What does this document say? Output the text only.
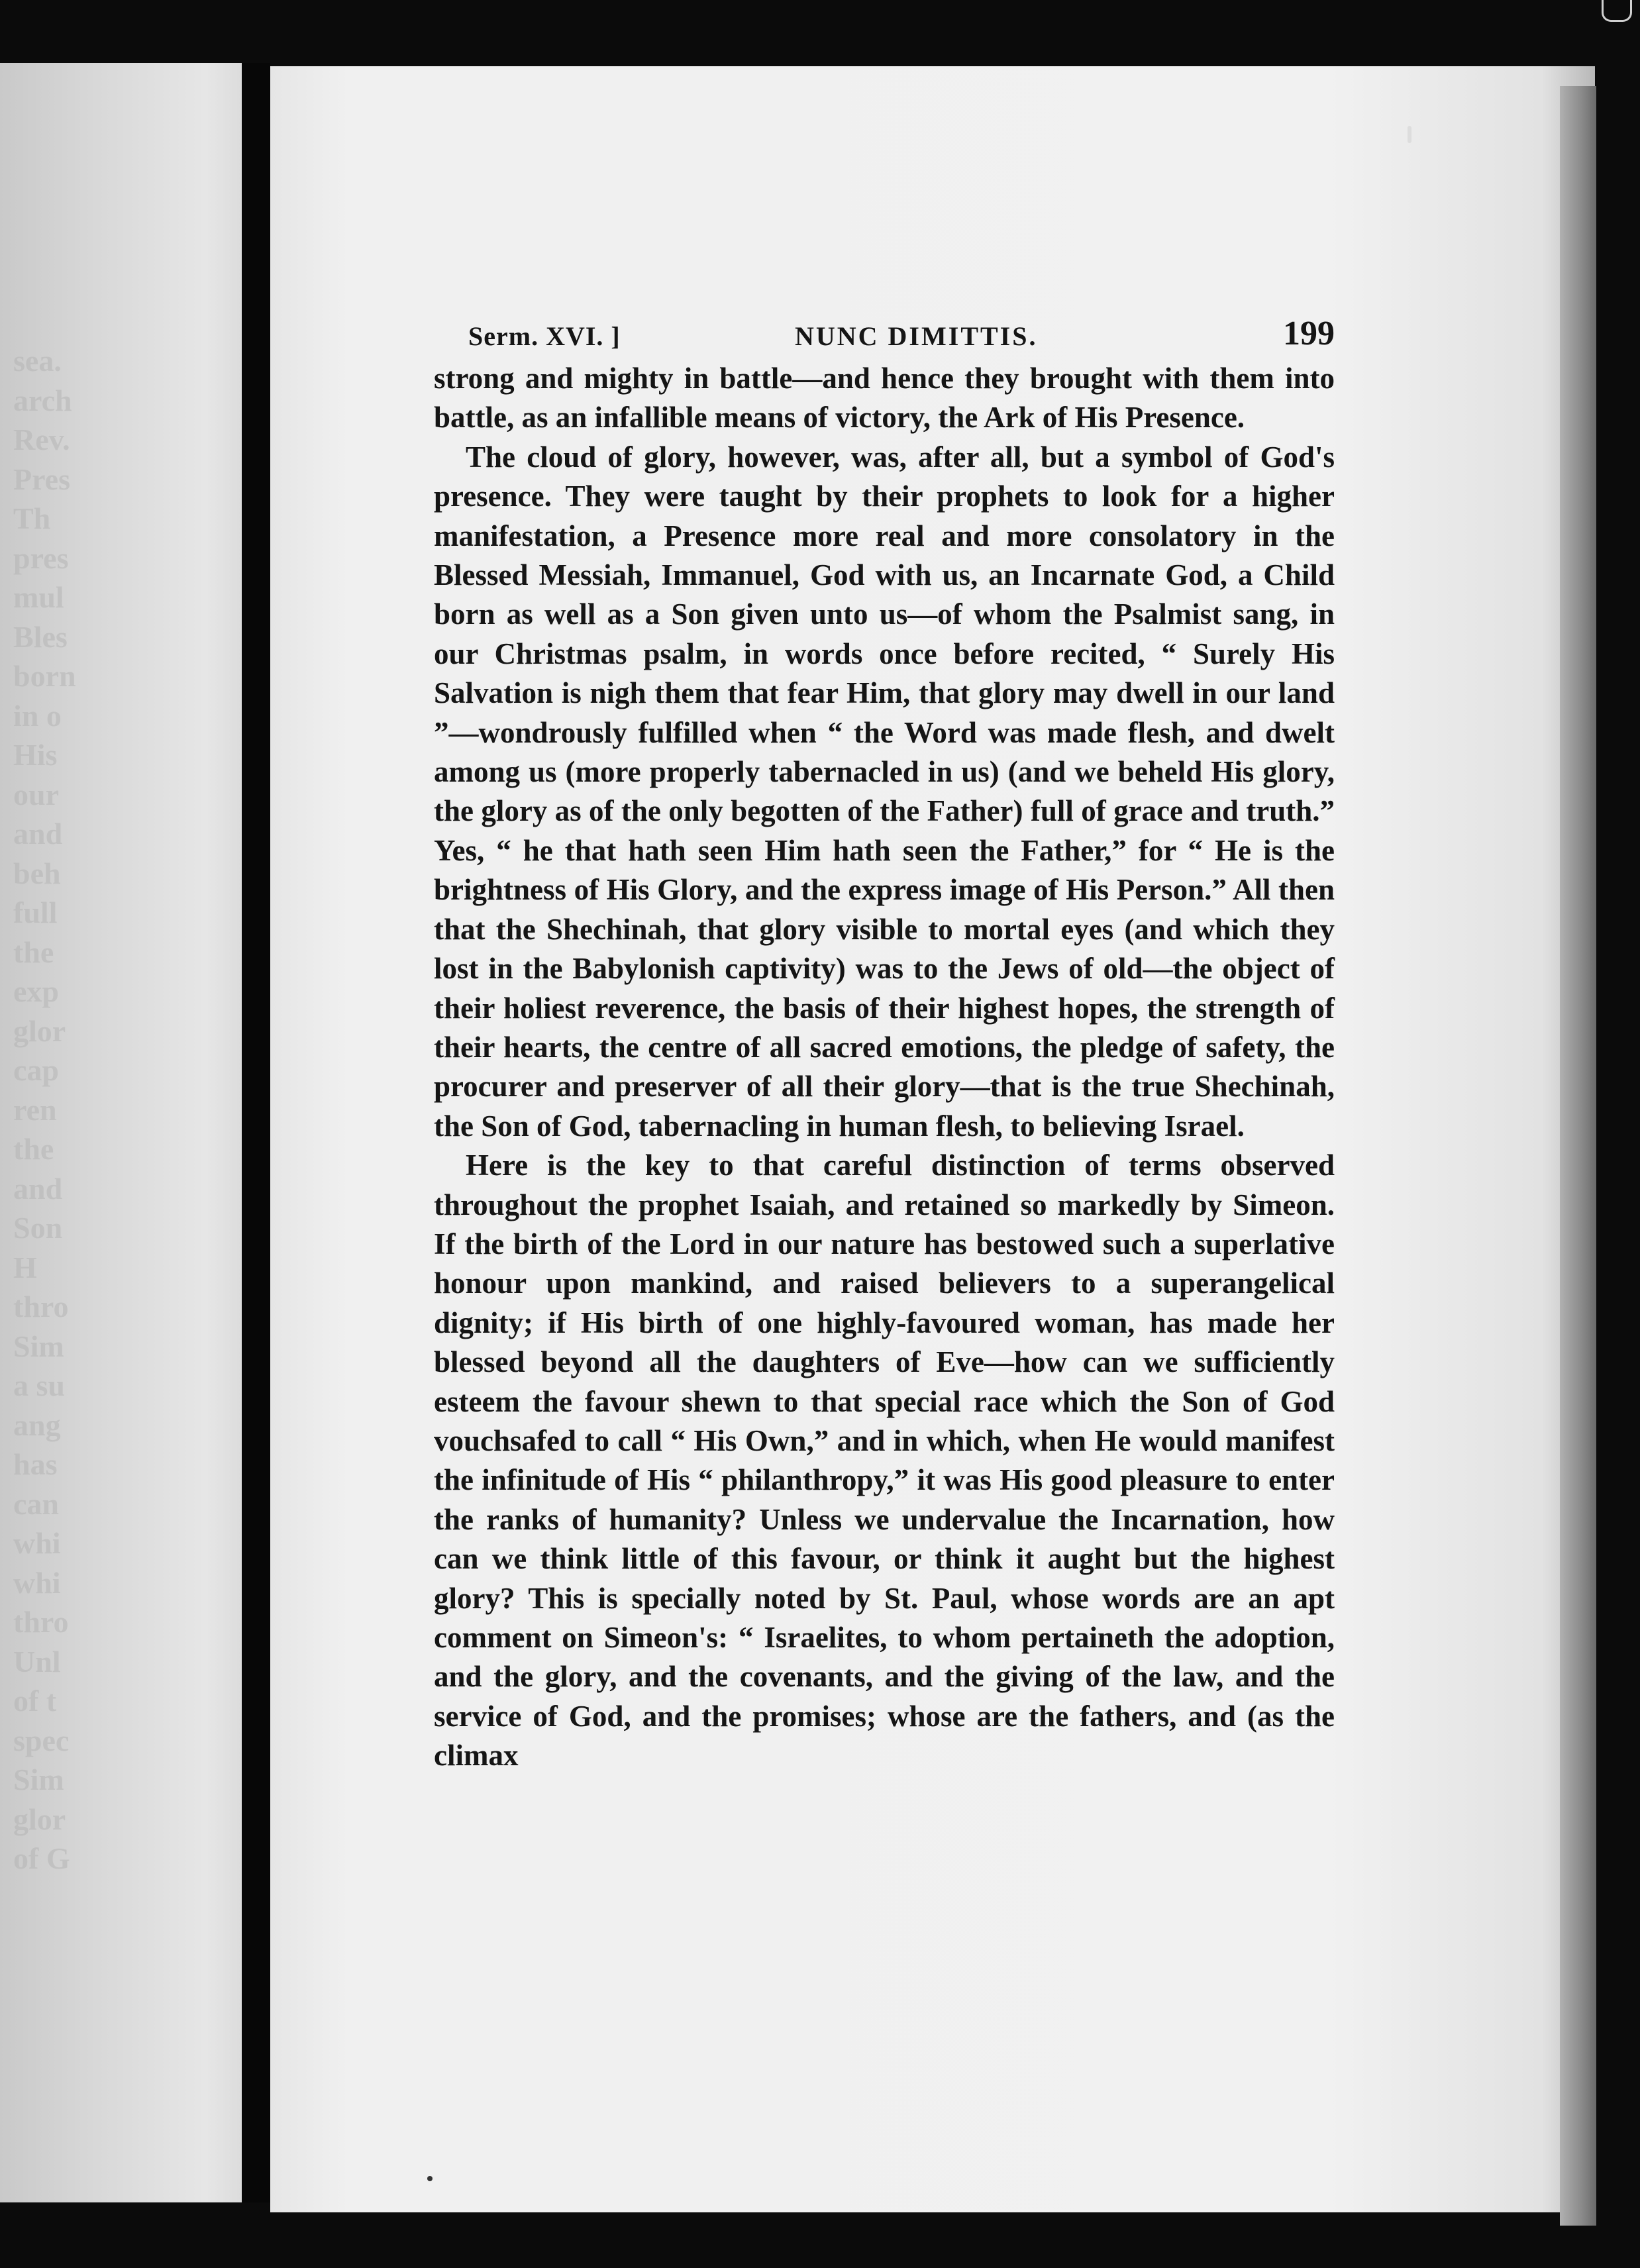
sea.
arch
Rev.
Pres
Th
pres
mul
Bles
born
in o
His
our
and
beh
full
the
exp
glor
cap
ren
the
and
Son
H
thro
Sim
a su
ang
has
can
whi
whi
thro
Unl
of t
spec
Sim
glor
of G
Serm. XVI. ]	NUNC DIMITTIS.	199

strong and mighty in battle—and hence they brought with them into battle, as an infallible means of victory, the Ark of His Presence.

The cloud of glory, however, was, after all, but a symbol of God's presence. They were taught by their prophets to look for a higher manifestation, a Presence more real and more consolatory in the Blessed Messiah, Immanuel, God with us, an Incarnate God, a Child born as well as a Son given unto us—of whom the Psalmist sang, in our Christmas psalm, in words once before recited, “ Surely His Salvation is nigh them that fear Him, that glory may dwell in our land ”—wondrously fulfilled when “ the Word was made flesh, and dwelt among us (more properly tabernacled in us) (and we beheld His glory, the glory as of the only begotten of the Father) full of grace and truth.” Yes, “ he that hath seen Him hath seen the Father,” for “ He is the brightness of His Glory, and the express image of His Person.” All then that the Shechinah, that glory visible to mortal eyes (and which they lost in the Babylonish captivity) was to the Jews of old—the object of their holiest reverence, the basis of their highest hopes, the strength of their hearts, the centre of all sacred emotions, the pledge of safety, the procurer and preserver of all their glory—that is the true Shechinah, the Son of God, tabernacling in human flesh, to believing Israel.

Here is the key to that careful distinction of terms observed throughout the prophet Isaiah, and retained so markedly by Simeon. If the birth of the Lord in our nature has bestowed such a superlative honour upon mankind, and raised believers to a superangelical dignity; if His birth of one highly-favoured woman, has made her blessed beyond all the daughters of Eve—how can we sufficiently esteem the favour shewn to that special race which the Son of God vouchsafed to call “ His Own,” and in which, when He would manifest the infinitude of His “ philanthropy,” it was His good pleasure to enter the ranks of humanity? Unless we undervalue the Incarnation, how can we think little of this favour, or think it aught but the highest glory? This is specially noted by St. Paul, whose words are an apt comment on Simeon's: “ Israelites, to whom pertaineth the adoption, and the glory, and the covenants, and the giving of the law, and the service of God, and the promises; whose are the fathers, and (as the climax
